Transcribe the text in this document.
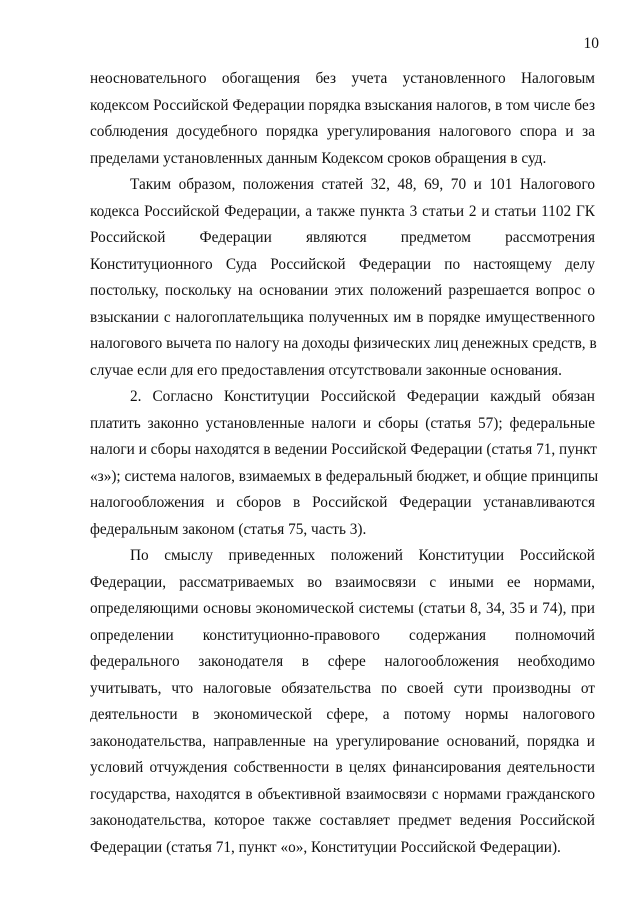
10
неосновательного обогащения без учета установленного Налоговым
кодексом Российской Федерации порядка взыскания налогов, в том числе без
соблюдения досудебного порядка урегулирования налогового спора и за
пределами установленных данным Кодексом сроков обращения в суд.
Таким образом, положения статей 32, 48, 69, 70 и 101 Налогового
кодекса Российской Федерации, а также пункта 3 статьи 2 и статьи 1102 ГК
Российской Федерации являются предметом рассмотрения
Конституционного Суда Российской Федерации по настоящему делу
постольку, поскольку на основании этих положений разрешается вопрос о
взыскании с налогоплательщика полученных им в порядке имущественного
налогового вычета по налогу на доходы физических лиц денежных средств, в
случае если для его предоставления отсутствовали законные основания.
2. Согласно Конституции Российской Федерации каждый обязан
платить законно установленные налоги и сборы (статья 57); федеральные
налоги и сборы находятся в ведении Российской Федерации (статья 71, пункт
«з»); система налогов, взимаемых в федеральный бюджет, и общие принципы
налогообложения и сборов в Российской Федерации устанавливаются
федеральным законом (статья 75, часть 3).
По смыслу приведенных положений Конституции Российской
Федерации, рассматриваемых во взаимосвязи с иными ее нормами,
определяющими основы экономической системы (статьи 8, 34, 35 и 74), при
определении конституционно-правового содержания полномочий
федерального законодателя в сфере налогообложения необходимо
учитывать, что налоговые обязательства по своей сути производны от
деятельности в экономической сфере, а потому нормы налогового
законодательства, направленные на урегулирование оснований, порядка и
условий отчуждения собственности в целях финансирования деятельности
государства, находятся в объективной взаимосвязи с нормами гражданского
законодательства, которое также составляет предмет ведения Российской
Федерации (статья 71, пункт «о», Конституции Российской Федерации).
